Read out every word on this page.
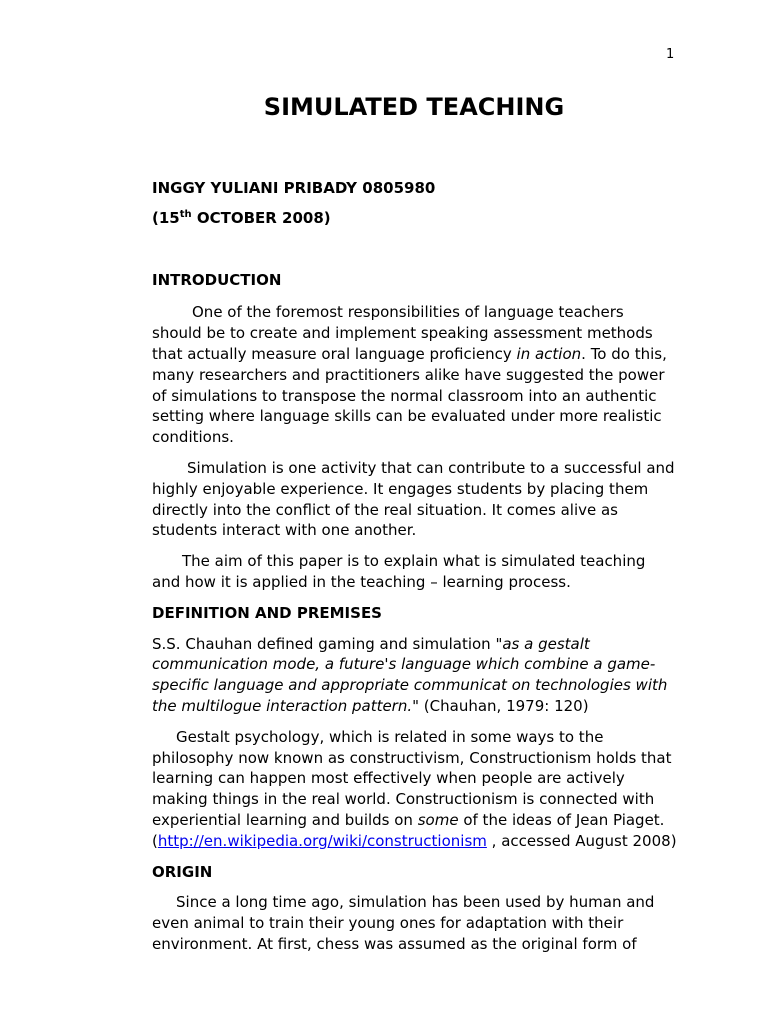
1
SIMULATED TEACHING

INGGY YULIANI PRIBADY 0805980

(15th OCTOBER 2008)

INTRODUCTION

One of the foremost responsibilities of language teachers should be to create and implement speaking assessment methods that actually measure oral language proficiency in action. To do this, many researchers and practitioners alike have suggested the power of simulations to transpose the normal classroom into an authentic setting where language skills can be evaluated under more realistic conditions.

Simulation is one activity that can contribute to a successful and highly enjoyable experience. It engages students by placing them directly into the conflict of the real situation. It comes alive as students interact with one another.

The aim of this paper is to explain what is simulated teaching and how it is applied in the teaching – learning process.

DEFINITION AND PREMISES

S.S. Chauhan defined gaming and simulation "as a gestalt communication mode, a future's language which combine a game-specific language and appropriate communicat on technologies with the multilogue interaction pattern." (Chauhan, 1979: 120)

Gestalt psychology, which is related in some ways to the philosophy now known as constructivism, Constructionism holds that learning can happen most effectively when people are actively making things in the real world. Constructionism is connected with experiential learning and builds on some of the ideas of Jean Piaget. (http://en.wikipedia.org/wiki/constructionism , accessed August 2008)

ORIGIN

Since a long time ago, simulation has been used by human and even animal to train their young ones for adaptation with their environment. At first, chess was assumed as the original form of
